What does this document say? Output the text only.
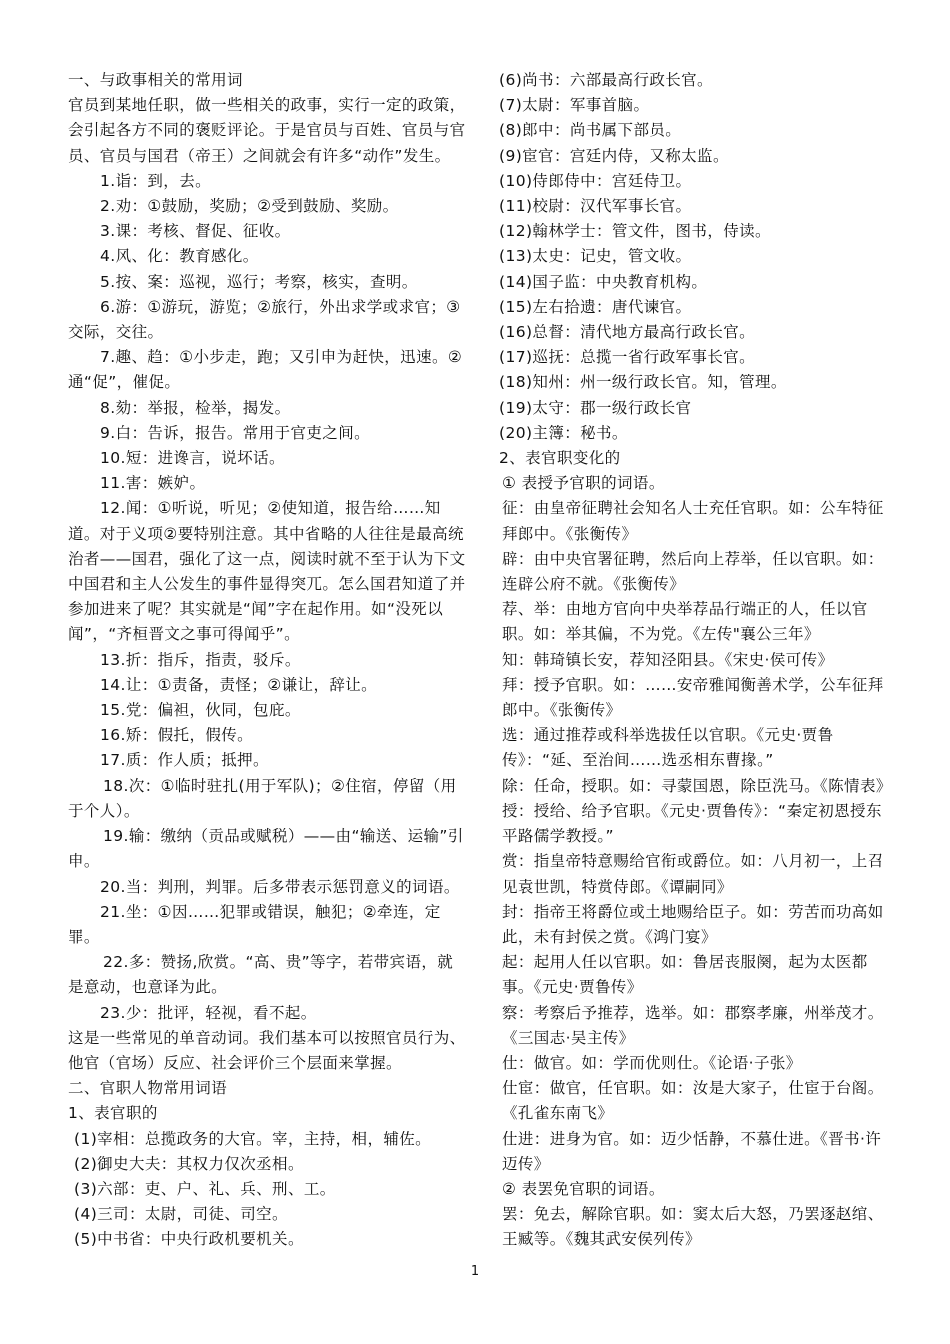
一、与政事相关的常用词

官员到某地任职，做一些相关的政事，实行一定的政策，会引起各方不同的褒贬评论。于是官员与百姓、官员与官员、官员与国君（帝王）之间就会有许多“动作”发生。

1.诣：到，去。

2.劝：①鼓励，奖励；②受到鼓励、奖励。

3.课：考核、督促、征收。

4.风、化：教育感化。

5.按、案：巡视，巡行；考察，核实，查明。

6.游：①游玩，游览；②旅行，外出求学或求官；③交际，交往。

7.趣、趋：①小步走，跑；又引申为赶快，迅速。②通“促”，催促。

8.劾：举报，检举，揭发。

9.白：告诉，报告。常用于官吏之间。

10.短：进谗言，说坏话。

11.害：嫉妒。

12.闻：①听说，听见；②使知道，报告给……知道。对于义项②要特别注意。其中省略的人往往是最高统治者——国君，强化了这一点，阅读时就不至于认为下文中国君和主人公发生的事件显得突兀。怎么国君知道了并参加进来了呢？其实就是“闻”字在起作用。如“没死以闻”，“齐桓晋文之事可得闻乎”。

13.折：指斥，指责，驳斥。

14.让：①责备，责怪；②谦让，辞让。

15.党：偏袒，伙同，包庇。

16.矫：假托，假传。

17.质：作人质；抵押。

18.次：①临时驻扎(用于军队)；②住宿，停留（用于个人）。

19.输：缴纳（贡品或赋税）——由“输送、运输”引申。

20.当：判刑，判罪。后多带表示惩罚意义的词语。

21.坐：①因……犯罪或错误，触犯；②牵连，定罪。

22.多：赞扬,欣赏。“高、贵”等字，若带宾语，就是意动，也意译为此。

23.少：批评，轻视，看不起。

这是一些常见的单音动词。我们基本可以按照官员行为、他官（官场）反应、社会评价三个层面来掌握。

二、官职人物常用词语

1、表官职的

(1)宰相：总揽政务的大官。宰，主持，相，辅佐。

(2)御史大夫：其权力仅次丞相。

(3)六部：吏、户、礼、兵、刑、工。

(4)三司：太尉，司徒、司空。

(5)中书省：中央行政机要机关。

(6)尚书：六部最高行政长官。

(7)太尉：军事首脑。

(8)郎中：尚书属下部员。

(9)宦官：宫廷内侍，又称太监。

(10)侍郎侍中：宫廷侍卫。

(11)校尉：汉代军事长官。

(12)翰林学士：管文件，图书，侍读。

(13)太史：记史，管文收。

(14)国子监：中央教育机构。

(15)左右拾遗：唐代谏官。

(16)总督：清代地方最高行政长官。

(17)巡抚：总揽一省行政军事长官。

(18)知州：州一级行政长官。知，管理。

(19)太守：郡一级行政长官

(20)主簿：秘书。

2、表官职变化的

① 表授予官职的词语。

征：由皇帝征聘社会知名人士充任官职。如：公车特征拜郎中。《张衡传》

辟：由中央官署征聘，然后向上荐举，任以官职。如：连辟公府不就。《张衡传》

荐、举：由地方官向中央举荐品行端正的人，任以官职。如：举其偏，不为党。《左传"襄公三年》

知：韩琦镇长安，荐知泾阳县。《宋史·侯可传》

拜：授予官职。如：……安帝雅闻衡善术学，公车征拜郎中。《张衡传》

选：通过推荐或科举选拔任以官职。《元史·贾鲁传》：“延、至治间……选丞相东曹掾。”

除：任命，授职。如：寻蒙国恩，除臣洗马。《陈情表》

授：授给、给予官职。《元史·贾鲁传》：“秦定初恩授东平路儒学教授。”

赏：指皇帝特意赐给官衔或爵位。如：八月初一，上召见袁世凯，特赏侍郎。《谭嗣同》

封：指帝王将爵位或土地赐给臣子。如：劳苦而功高如此，未有封侯之赏。《鸿门宴》

起：起用人任以官职。如：鲁居丧服阕，起为太医都事。《元史·贾鲁传》

察：考察后予推荐，选举。如：郡察孝廉，州举茂才。《三国志·吴主传》

仕：做官。如：学而优则仕。《论语·子张》

仕宦：做官，任官职。如：汝是大家子，仕宦于台阁。《孔雀东南飞》

仕进：进身为官。如：迈少恬静，不慕仕进。《晋书·许迈传》

② 表罢免官职的词语。

罢：免去，解除官职。如：窦太后大怒，乃罢逐赵绾、王臧等。《魏其武安侯列传》

1
